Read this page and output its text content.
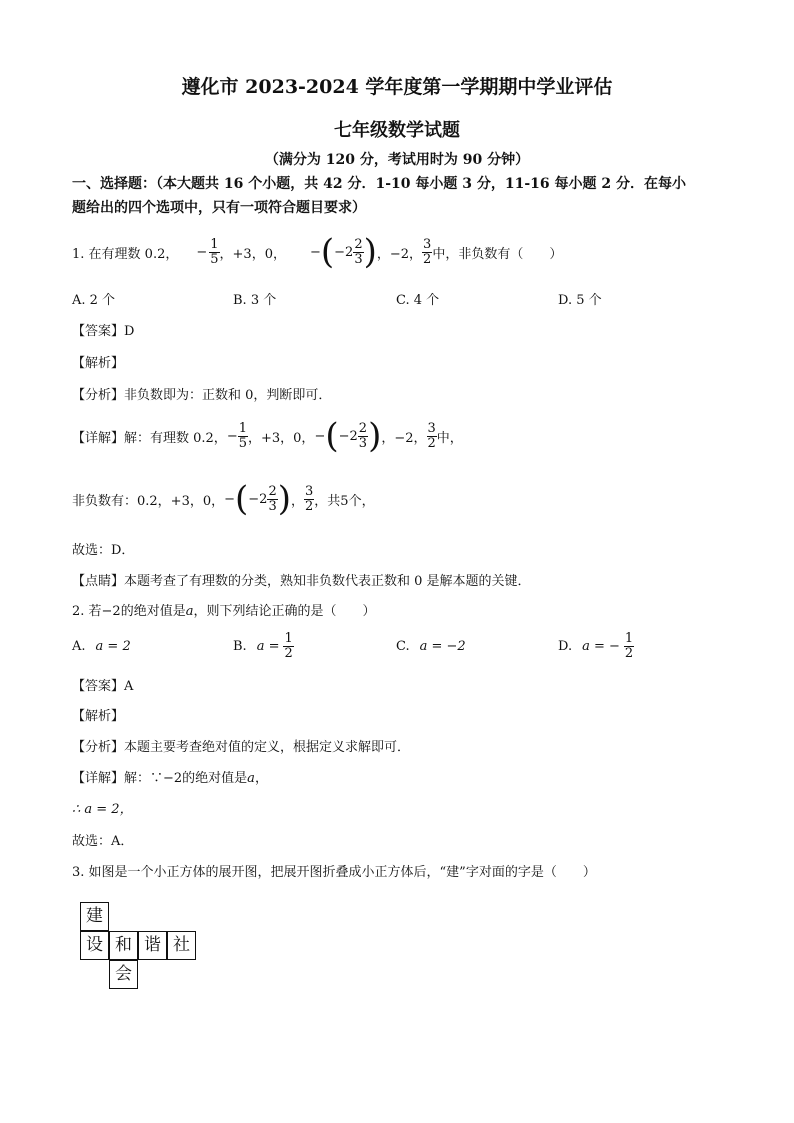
遵化市 2023-2024 学年度第一学期期中学业评估
七年级数学试题
（满分为 120 分，考试用时为 90 分钟）
一、选择题：（本大题共 16 个小题，共 42 分．1-10 每小题 3 分，11-16 每小题 2 分．在每小
题给出的四个选项中，只有一项符合题目要求）
1. 在有理数 0.2， − $\frac{1}{5}$ ，+3，0， − ( $-2 \frac{2}{3}$ ) ，−2， $\frac{3}{2}$ 中，非负数有（　　）
A. 2 个	B. 3 个	C. 4 个	D. 5 个
【答案】D
【解析】
【分析】非负数即为：正数和 0，判断即可．
【详解】解：有理数 0.2， − $\frac{1}{5}$ ，+3，0， − ( $-2 \frac{2}{3}$ ) ，−2， $\frac{3}{2}$ 中，
非负数有：0.2，+3，0， − ( $-2 \frac{2}{3}$ ) ， $\frac{3}{2}$ ，共5个，
故选：D．
【点睛】本题考查了有理数的分类，熟知非负数代表正数和 0 是解本题的关键．
2. 若−2的绝对值是a，则下列结论正确的是（　　）
A. a = 2	B. $a = \frac{1}{2}$	C. a = −2	D. a = − $\frac{1}{2}$
【答案】A
【解析】
【分析】本题主要考查绝对值的定义，根据定义求解即可．
【详解】解：∵−2的绝对值是a，
∴ a = 2，
故选：A．
3. 如图是一个小正方体的展开图，把展开图折叠成小正方体后，“建”字对面的字是（　　）
建
设 和 谐 社
会
